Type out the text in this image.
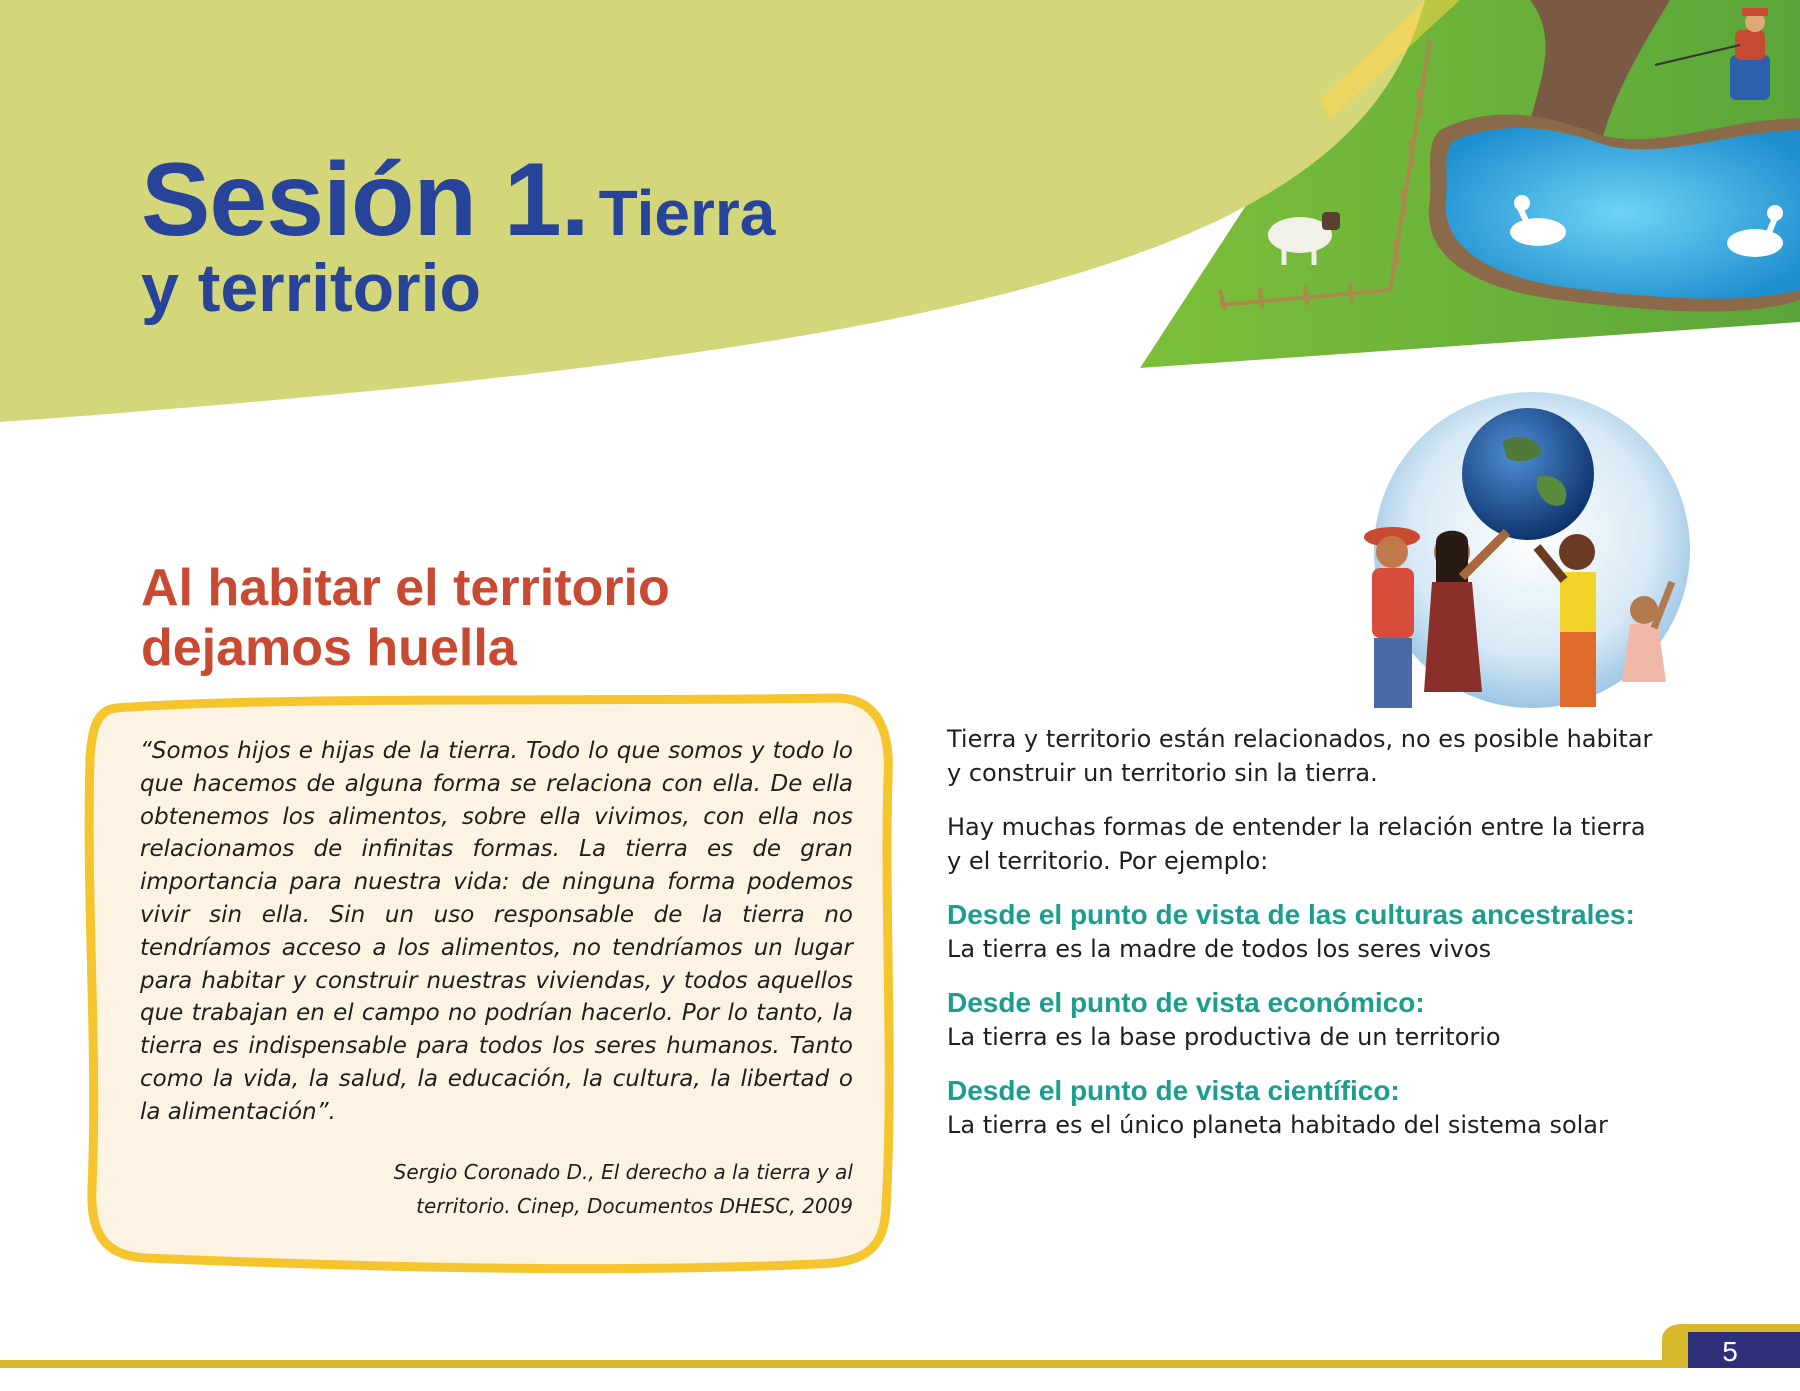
Sesión 1. Tierra
y territorio
Al habitar el territorio
dejamos huella

“Somos hijos e hijas de la tierra. Todo lo que somos y todo lo que hacemos de alguna forma se relaciona con ella. De ella obtenemos los alimentos, sobre ella vivimos, con ella nos relacionamos de infinitas formas. La tierra es de gran importancia para nuestra vida: de ninguna forma podemos vivir sin ella. Sin un uso responsable de la tierra no tendríamos acceso a los alimentos, no tendríamos un lugar para habitar y construir nuestras viviendas, y todos aquellos que trabajan en el campo no podrían hacerlo. Por lo tanto, la tierra es indispensable para todos los seres humanos. Tanto como la vida, la salud, la educación, la cultura, la libertad o la alimentación”.

Sergio Coronado D., El derecho a la tierra y al
territorio. Cinep, Documentos DHESC, 2009

Tierra y territorio están relacionados, no es posible habitar y construir un territorio sin la tierra.

Hay muchas formas de entender la relación entre la tierra y el territorio. Por ejemplo:

Desde el punto de vista de las culturas ancestrales:

La tierra es la madre de todos los seres vivos

Desde el punto de vista económico:

La tierra es la base productiva de un territorio

Desde el punto de vista científico:

La tierra es el único planeta habitado del sistema solar

5
